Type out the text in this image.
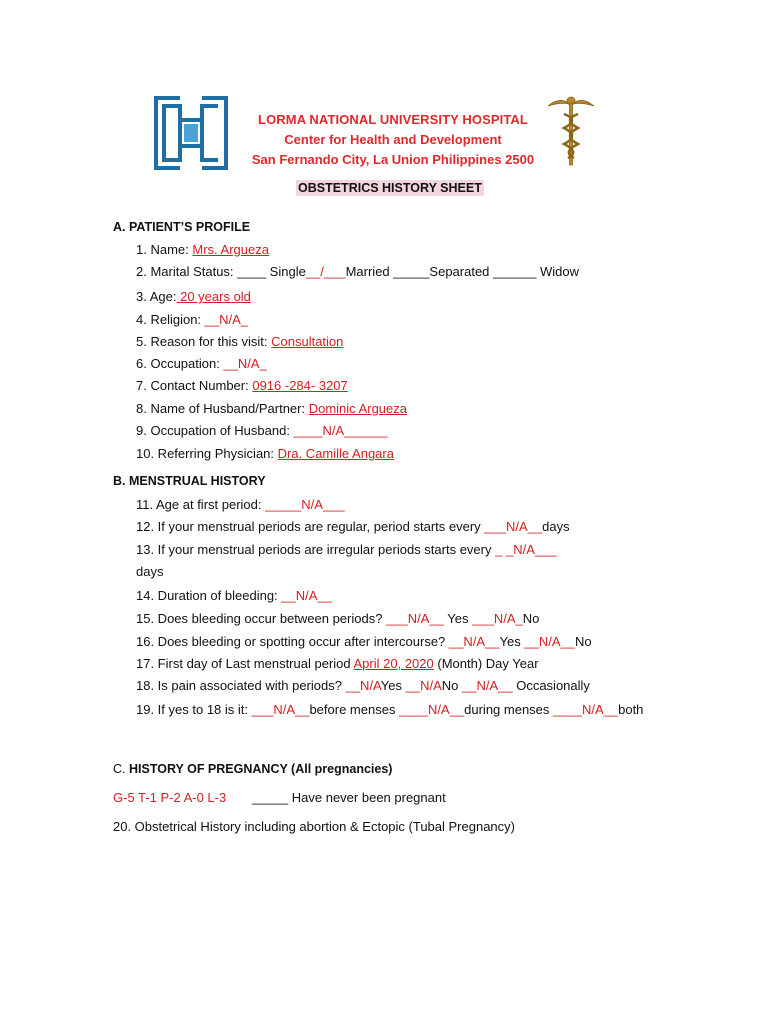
LORMA NATIONAL UNIVERSITY HOSPITAL
Center for Health and Development
San Fernando City, La Union Philippines 2500
OBSTETRICS HISTORY SHEET
A. PATIENT’S PROFILE
1. Name: Mrs. Argueza
2. Marital Status: ____ Single__/___Married _____Separated ______ Widow
3. Age: 20 years old
4. Religion: __N/A_
5. Reason for this visit: Consultation
6. Occupation: __N/A_
7. Contact Number: 0916 -284- 3207
8. Name of Husband/Partner: Dominic Argueza
9. Occupation of Husband: ____N/A______
10. Referring Physician: Dra. Camille Angara
B. MENSTRUAL HISTORY
11. Age at first period: _____N/A___
12. If your menstrual periods are regular, period starts every ___N/A__days
13. If your menstrual periods are irregular periods starts every _ _N/A___
days
14. Duration of bleeding: __N/A__
15. Does bleeding occur between periods? ___N/A__ Yes ___N/A_No
16. Does bleeding or spotting occur after intercourse? __N/A__Yes __N/A__No
17. First day of Last menstrual period April 20, 2020 (Month) Day Year
18. Is pain associated with periods? __N/AYes __N/ANo __N/A__ Occasionally
19. If yes to 18 is it: ___N/A__before menses ____N/A__during menses ____N/A__both
C. HISTORY OF PREGNANCY (All pregnancies)
G-5 T-1 P-2 A-0 L-3 _____ Have never been pregnant
20. Obstetrical History including abortion & Ectopic (Tubal Pregnancy)
